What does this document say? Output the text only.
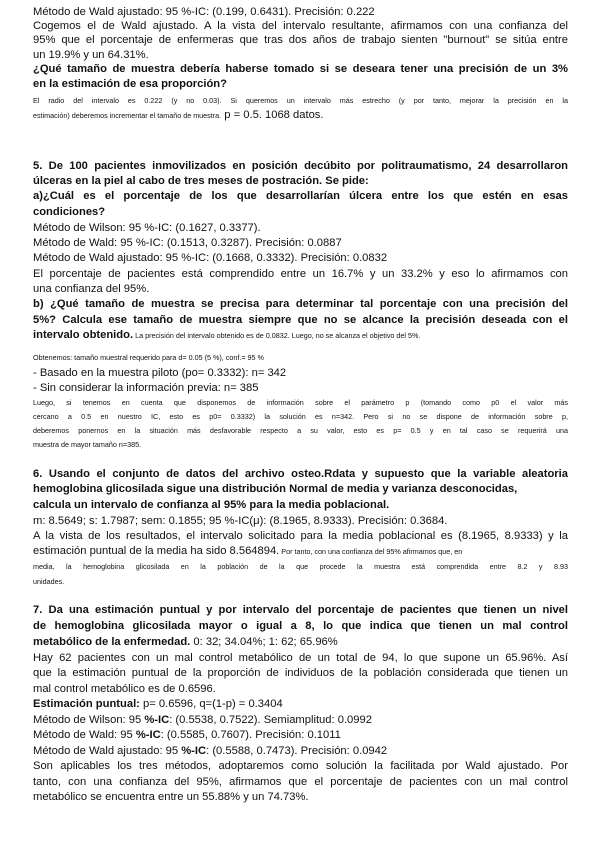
Método de Wald ajustado: 95 %-IC: (0.199, 0.6431). Precisión: 0.222

Cogemos el de Wald ajustado. A la vista del intervalo resultante, afirmamos con una confianza del

95% que el porcentaje de enfermeras que tras dos años de trabajo sienten "burnout" se sitúa entre

un 19.9% y un 64.31%.

¿Qué tamaño de muestra debería haberse tomado si se deseara tener una precisión de un 3%

en la estimación de esa proporción?

El radio del intervalo es 0.222 (y no 0.03). Si queremos un intervalo más estrecho (y por tanto, mejorar la precisión en la

estimación) deberemos incrementar el tamaño de muestra. p = 0.5. 1068 datos.

5. De 100 pacientes inmovilizados en posición decúbito por politraumatismo, 24 desarrollaron

úlceras en la piel al cabo de tres meses de postración. Se pide:

a)¿Cuál es el porcentaje de los que desarrollarían úlcera entre los que estén en esas

condiciones?

Método de Wilson: 95 %-IC: (0.1627, 0.3377).

Método de Wald: 95 %-IC: (0.1513, 0.3287). Precisión: 0.0887

Método de Wald ajustado: 95 %-IC: (0.1668, 0.3332). Precisión: 0.0832

El porcentaje de pacientes está comprendido entre un 16.7% y un 33.2% y eso lo afirmamos con

una confianza del 95%.

b) ¿Qué tamaño de muestra se precisa para determinar tal porcentaje con una precisión del

5%? Calcula ese tamaño de muestra siempre que no se alcance la precisión deseada con el

intervalo obtenido. La precisión del intervalo obtenido es de 0.0832. Luego, no se alcanza el objetivo del 5%.

Obtenemos: tamaño muestral requerido para d= 0.05 (5 %), conf.= 95 %

- Basado en la muestra piloto (po= 0.3332): n= 342

- Sin considerar la información previa: n= 385

Luego, si tenemos en cuenta que disponemos de información sobre el parámetro p (tomando como p0 el valor más

cercano a 0.5 en nuestro IC, esto es p0= 0.3332) la solución es n=342. Pero si no se dispone de información sobre p,

deberemos ponernos en la situación más desfavorable respecto a su valor, esto es p= 0.5 y en tal caso se requerirá una

muestra de mayor tamaño n=385.

6. Usando el conjunto de datos del archivo osteo.Rdata y supuesto que la variable aleatoria

hemoglobina glicosilada sigue una distribución Normal de media y varianza desconocidas,

calcula un intervalo de confianza al 95% para la media poblacional.

m: 8.5649; s: 1.7987; sem: 0.1855; 95 %-IC(μ): (8.1965, 8.9333). Precisión: 0.3684.

A la vista de los resultados, el intervalo solicitado para la media poblacional es (8.1965, 8.9333) y la

estimación puntual de la media ha sido 8.564894. Por tanto, con una confianza del 95% afirmamos que, en

media, la hemoglobina glicosilada en la población de la que procede la muestra está comprendida entre 8.2 y 8.93

unidades.

7. Da una estimación puntual y por intervalo del porcentaje de pacientes que tienen un nivel

de hemoglobina glicosilada mayor o igual a 8, lo que indica que tienen un mal control

metabólico de la enfermedad. 0: 32; 34.04%; 1: 62; 65.96%

Hay 62 pacientes con un mal control metabólico de un total de 94, lo que supone un 65.96%. Así

que la estimación puntual de la proporción de individuos de la población considerada que tienen un

mal control metabólico es de 0.6596.

Estimación puntual: p= 0.6596, q=(1-p) = 0.3404

Método de Wilson: 95 %-IC: (0.5538, 0.7522). Semiamplitud: 0.0992

Método de Wald: 95 %-IC: (0.5585, 0.7607). Precisión: 0.1011

Método de Wald ajustado: 95 %-IC: (0.5588, 0.7473). Precisión: 0.0942

Son aplicables los tres métodos, adoptaremos como solución la facilitada por Wald ajustado. Por

tanto, con una confianza del 95%, afirmamos que el porcentaje de pacientes con un mal control

metabólico se encuentra entre un 55.88% y un 74.73%.
